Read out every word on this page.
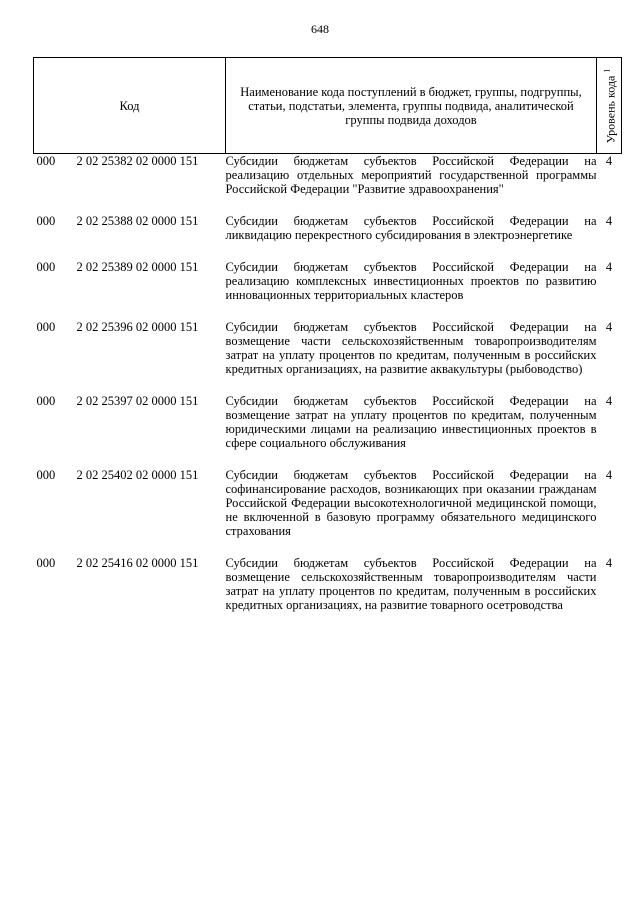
648
Код	Наименование кода поступлений в бюджет, группы, подгруппы, статьи, подстатьи, элемента, группы подвида, аналитической группы подвида доходов	Уровень кода $^1$

000 2 02 25382 02 0000 151	Субсидии бюджетам субъектов Российской Федерации на реализацию отдельных мероприятий государственной программы Российской Федерации "Развитие здравоохранения"	4
000 2 02 25388 02 0000 151	Субсидии бюджетам субъектов Российской Федерации на ликвидацию перекрестного субсидирования в электроэнергетике	4
000 2 02 25389 02 0000 151	Субсидии бюджетам субъектов Российской Федерации на реализацию комплексных инвестиционных проектов по развитию инновационных территориальных кластеров	4
000 2 02 25396 02 0000 151	Субсидии бюджетам субъектов Российской Федерации на возмещение части сельскохозяйственным товаропроизводителям затрат на уплату процентов по кредитам, полученным в российских кредитных организациях, на развитие аквакультуры (рыбоводство)	4
000 2 02 25397 02 0000 151	Субсидии бюджетам субъектов Российской Федерации на возмещение затрат на уплату процентов по кредитам, полученным юридическими лицами на реализацию инвестиционных проектов в сфере социального обслуживания	4
000 2 02 25402 02 0000 151	Субсидии бюджетам субъектов Российской Федерации на софинансирование расходов, возникающих при оказании гражданам Российской Федерации высокотехнологичной медицинской помощи, не включенной в базовую программу обязательного медицинского страхования	4
000 2 02 25416 02 0000 151	Субсидии бюджетам субъектов Российской Федерации на возмещение сельскохозяйственным товаропроизводителям части затрат на уплату процентов по кредитам, полученным в российских кредитных организациях, на развитие товарного осетроводства	4
